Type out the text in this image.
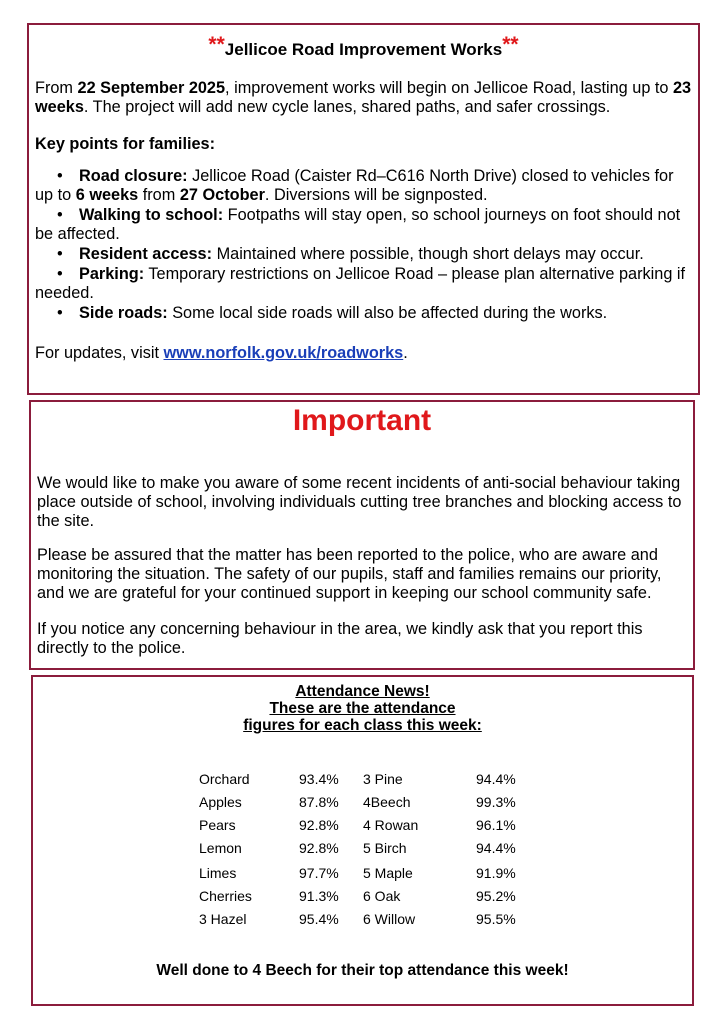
**Jellicoe Road Improvement Works**
From 22 September 2025, improvement works will begin on Jellicoe Road, lasting up to 23 weeks. The project will add new cycle lanes, shared paths, and safer crossings.
Key points for families:
• Road closure: Jellicoe Road (Caister Rd–C616 North Drive) closed to vehicles for up to 6 weeks from 27 October. Diversions will be signposted.
• Walking to school: Footpaths will stay open, so school journeys on foot should not be affected.
• Resident access: Maintained where possible, though short delays may occur.
• Parking: Temporary restrictions on Jellicoe Road – please plan alternative parking if needed.
• Side roads: Some local side roads will also be affected during the works.
For updates, visit www.norfolk.gov.uk/roadworks.
Important
We would like to make you aware of some recent incidents of anti-social behaviour taking place outside of school, involving individuals cutting tree branches and blocking access to the site.
Please be assured that the matter has been reported to the police, who are aware and monitoring the situation. The safety of our pupils, staff and families remains our priority, and we are grateful for your continued support in keeping our school community safe.
If you notice any concerning behaviour in the area, we kindly ask that you report this directly to the police.
Attendance News!
These are the attendance
figures for each class this week:
Orchard	93.4% 3 Pine	94.4%
Apples	87.8% 4Beech	99.3%
Pears	92.8% 4 Rowan	96.1%
Lemon	92.8% 5 Birch	94.4%
Limes	97.7% 5 Maple	91.9%
Cherries	91.3% 6 Oak	95.2%
3 Hazel	95.4% 6 Willow	95.5%
Well done to 4 Beech for their top attendance this week!
